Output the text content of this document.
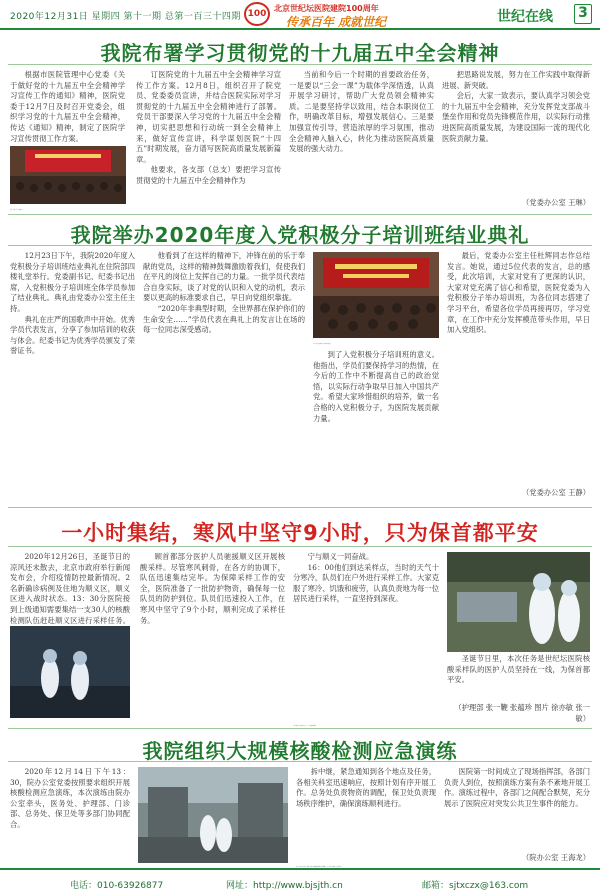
2020年12月31日 星期四 第十一期 总第一百三十四期 100
北京世纪坛医院建院100周年
传承百年 成就世纪	世纪在线 3
我院布署学习贯彻党的十九届五中全会精神

根据市医院管理中心党委《关于做好党的十九届五中全会精神学习宣传工作的通知》精神，医院党委于12月7日及时召开党委会，组织学习党的十九届五中全会精神，传达《通知》精神，制定了医院学习宣传贯彻工作方案。

订医院党的十九届五中全会精神学习宣传工作方案。12月8日，组织召开了院党员、党委委员宣讲，并结合医院实际对学习贯彻党的十九届五中全会精神进行了部署。党员干部要深入学习党的十九届五中全会精神，切实把思想和行动统一到全会精神上来，做好宣传宣讲，科学谋划医院“十四五”时期发展，奋力谱写医院高质量发展新篇章。

他要求，各支部（总支）要把学习宣传贯彻党的十九届五中全会精神作为

当前和今后一个时期的首要政治任务，一是要以“三会一课”为载体学深悟透，认真开展学习研讨，帮助广大党员领会精神实质。二是要坚持学以致用，结合本职岗位工作，明确改革目标，增强发展信心。三是要加强宣传引导，营造浓厚的学习氛围，推动全会精神入脑入心，转化为推动医院高质量发展的强大动力。

把思路说发展，努力在工作实践中取得新进展、新突破。

会后，大家一致表示，要认真学习领会党的十九届五中全会精神，充分发挥党支部战斗堡垒作用和党员先锋模范作用，以实际行动推进医院高质量发展，为建设国际一流的现代化医院贡献力量。

（党委办公室 王琳）

党的十九届五中全会精神学习
我院举办2020年度入党积极分子培训班结业典礼

12月23日下午，我院2020年度入党积极分子培训班结业典礼在住院部四楼礼堂举行。党委副书记、纪委书记出席，入党积极分子培训班全体学员参加了结业典礼。典礼由党委办公室主任主持。

典礼在庄严的国歌声中开始。优秀学员代表发言，分享了参加培训的收获与体会。纪委书记为优秀学员颁发了荣誉证书。

他看到了在这样的精神下，冲锋在前的乐于奉献的党员，这样的精神鼓舞激励着我们，促使我们在平凡的岗位上发挥自己的力量。一批学员代表结合自身实际，谈了对党的认识和入党的动机，表示要以更高的标准要求自己，早日向党组织靠拢。

“2020年非典型时期，全世界都在保护你们的生命安全……”学员代表在典礼上的发言让在场的每一位同志深受感动。

2020年度入党积极分子培训班结业典礼

到了入党积极分子培训班的意义。他指出，学员们要保持学习的热情，在今后的工作中不断提高自己的政治觉悟，以实际行动争取早日加入中国共产党。希望大家珍惜组织的培养，做一名合格的入党积极分子，为医院发展贡献力量。

最后，党委办公室主任杜辉同志作总结发言。她说，通过5位代表的发言，总的感受，此次培训，大家对党有了更深的认识，大家对党充满了信心和希望，医院党委为入党积极分子举办培训班，为各位同志搭建了学习平台，希望各位学员再接再厉，学习党章，在工作中充分发挥模范带头作用，早日加入党组织。

（党委办公室 王静）

一小时集结，寒风中坚守9小时，只为保首都平安

2020年12月26日，圣诞节日的凉风还未散去，北京市政府举行新闻发布会，介绍疫情防控最新情况。2名新确诊病例及住地为顺义区，顺义区进入战时状态。13：30分医院接到上级通知需要集结一支30人的核酸检测队伍赶赴顺义区进行采样任务。

顾首都部分医护人员驰援顺义区开展核酸采样。尽管寒风刺骨，在各方的协调下，队伍迅速集结完毕。为保障采样工作的安全，医院准备了一批防护物资，确保每一位队员的防护到位。队员们迅速投入工作，在寒风中坚守了9个小时，顺利完成了采样任务。

宁与顺义一同奋战。

16：00他们到达采样点，当时的天气十分寒冷，队员们在户外进行采样工作。大家克服了寒冷、饥饿和疲劳，认真负责地为每一位居民进行采样，一直坚持到深夜。

圣诞节日里，本次任务是世纪坛医院核酸采样队的医护人员坚持在一线，为保首都平安。

（护理部 张一鞭 张蕴珍 图片 徐亦敏 张一敏）

“穿上防护服，他们就是战士，每一个人都值得尊敬。”
我院组织大规模核酸检测应急演练

2020年12月14日下午13：30，院办公室党委按照要求组织开展核酸检测应急演练，本次演练由院办公室牵头，医务处、护理部、门诊部、总务处、保卫处等多部门协同配合。

拆中继，紧急通知到各个地点及任务，各相关科室迅速响应，按照计划有序开展工作。总务处负责物资的调配，保卫处负责现场秩序维护，确保演练顺利进行。

医院第一时间成立了现场指挥部，各部门负责人到位，按照演练方案有条不紊地开展工作。演练过程中，各部门之间配合默契，充分展示了医院应对突发公共卫生事件的能力。

（院办公室 王海龙）

同卫生部门的工作部署，提高了医院大规模核酸检测的应急处置能力，为今后的工作积累了宝贵的经验。
电话：010-63926877	网址：http://www.bjsjth.cn	邮箱：sjtxczx@163.com
